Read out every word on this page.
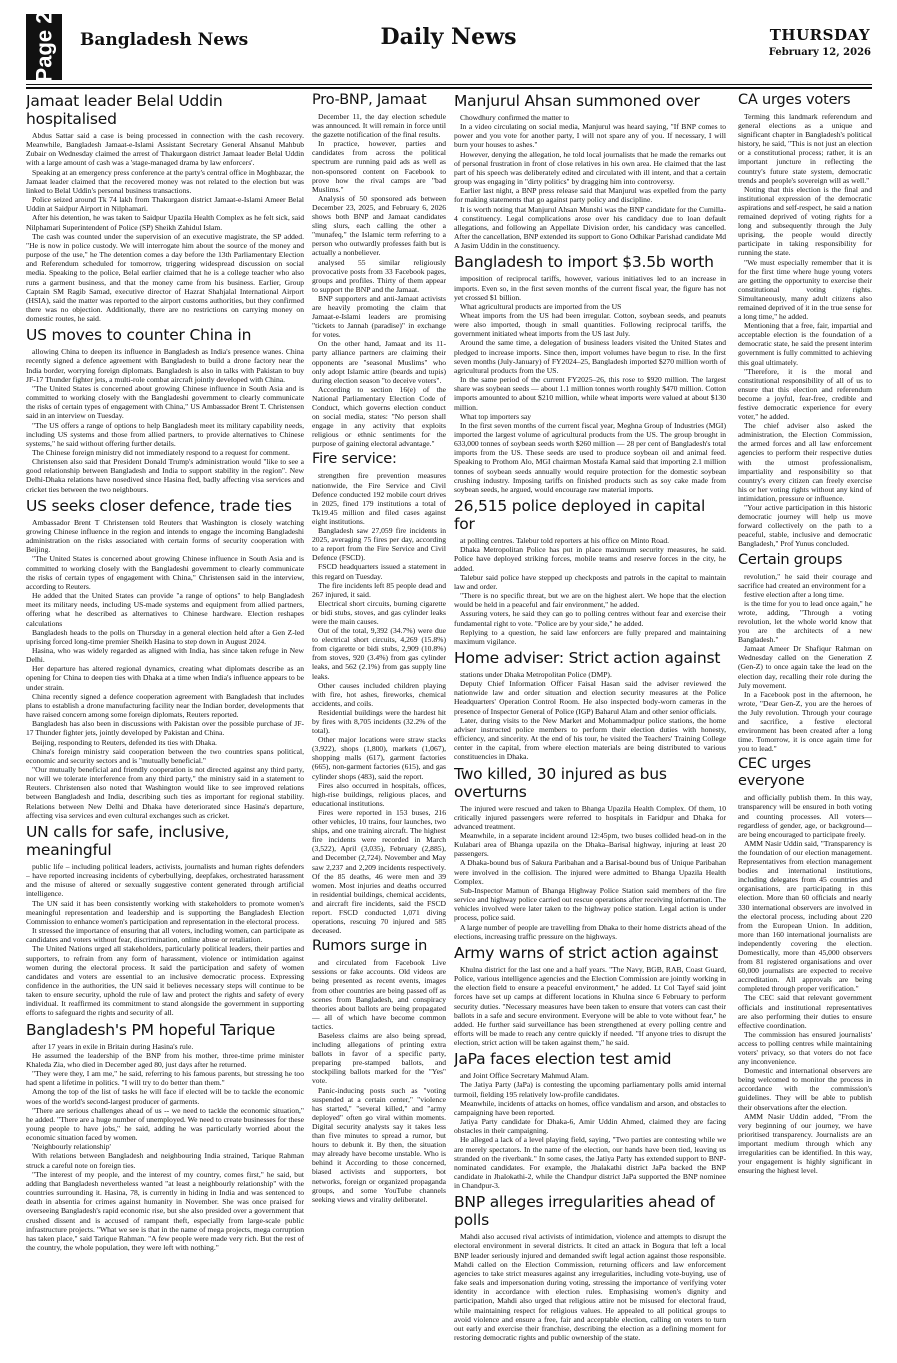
Page 2 Bangladesh News	Daily News	THURSDAY
February 12, 2026
Jamaat leader Belal Uddin hospitalised

Abdus Sattar said a case is being processed in connection with the cash recovery. Meanwhile, Bangladesh Jamaat-e-Islami Assistant Secretary General Ahsanul Mahbub Zubair on Wednesday claimed the arrest of Thakurgaon district Jamaat leader Belal Uddin with a large amount of cash was a 'stage-managed drama by law enforcers'.

Speaking at an emergency press conference at the party's central office in Moghbazar, the Jamaat leader claimed that the recovered money was not related to the election but was linked to Belal Uddin's personal business transactions.

Police seized around Tk 74 lakh from Thakurgaon district Jamaat-e-Islami Ameer Belal Uddin at Saidpur Airport in Nilphamari.

After his detention, he was taken to Saidpur Upazila Health Complex as he felt sick, said Nilphamari Superintendent of Police (SP) Sheikh Zahidul Islam.

The cash was counted under the supervision of an executive magistrate, the SP added. "He is now in police custody. We will interrogate him about the source of the money and purpose of the use," he The detention comes a day before the 13th Parliamentary Election and Referendum scheduled for tomorrow, triggering widespread discussion on social media. Speaking to the police, Belal earlier claimed that he is a college teacher who also runs a garment business, and that the money came from his business. Earlier, Group Captain SM Ragib Samad, executive director of Hazrat Shahjalal International Airport (HSIA), said the matter was reported to the airport customs authorities, but they confirmed there was no objection. Additionally, there are no restrictions on carrying money on domestic routes, he said.

US moves to counter China in

allowing China to deepen its influence in Bangladesh as India's presence wanes. China recently signed a defence agreement with Bangladesh to build a drone factory near the India border, worrying foreign diplomats. Bangladesh is also in talks with Pakistan to buy JF-17 Thunder fighter jets, a multi-role combat aircraft jointly developed with China.

"The United States is concerned about growing Chinese influence in South Asia and is committed to working closely with the Bangladeshi government to clearly communicate the risks of certain types of engagement with China," US Ambassador Brent T. Christensen said in an interview on Tuesday.

"The US offers a range of options to help Bangladesh meet its military capability needs, including US systems and those from allied partners, to provide alternatives to Chinese systems," he said without offering further details.

The Chinese foreign ministry did not immediately respond to a request for comment.

Christensen also said that President Donald Trump's administration would "like to see a good relationship between Bangladesh and India to support stability in the region". New Delhi-Dhaka relations have nosedived since Hasina fled, badly affecting visa services and cricket ties between the two neighbours.

US seeks closer defence, trade ties

Ambassador Brent T Christensen told Reuters that Washington is closely watching growing Chinese influence in the region and intends to engage the incoming Bangladeshi administration on the risks associated with certain forms of security cooperation with Beijing.

"The United States is concerned about growing Chinese influence in South Asia and is committed to working closely with the Bangladeshi government to clearly communicate the risks of certain types of engagement with China," Christensen said in the interview, according to Reuters.

He added that the United States can provide "a range of options" to help Bangladesh meet its military needs, including US-made systems and equipment from allied partners, offering what he described as alternatives to Chinese hardware. Election reshapes calculations

Bangladesh heads to the polls on Thursday in a general election held after a Gen Z-led uprising forced long-time premier Sheikh Hasina to step down in August 2024.

Hasina, who was widely regarded as aligned with India, has since taken refuge in New Delhi.

Her departure has altered regional dynamics, creating what diplomats describe as an opening for China to deepen ties with Dhaka at a time when India's influence appears to be under strain.

China recently signed a defence cooperation agreement with Bangladesh that includes plans to establish a drone manufacturing facility near the Indian border, developments that have raised concern among some foreign diplomats, Reuters reported.

Bangladesh has also been in discussions with Pakistan over the possible purchase of JF-17 Thunder fighter jets, jointly developed by Pakistan and China.

Beijing, responding to Reuters, defended its ties with Dhaka.

China's foreign ministry said cooperation between the two countries spans political, economic and security sectors and is "mutually beneficial."

"Our mutually beneficial and friendly cooperation is not directed against any third party, nor will we tolerate interference from any third party," the ministry said in a statement to Reuters. Christensen also noted that Washington would like to see improved relations between Bangladesh and India, describing such ties as important for regional stability. Relations between New Delhi and Dhaka have deteriorated since Hasina's departure, affecting visa services and even cultural exchanges such as cricket.

UN calls for safe, inclusive, meaningful

public life – including political leaders, activists, journalists and human rights defenders – have reported increasing incidents of cyberbullying, deepfakes, orchestrated harassment and the misuse of altered or sexually suggestive content generated through artificial intelligence.

The UN said it has been consistently working with stakeholders to promote women's meaningful representation and leadership and is supporting the Bangladesh Election Commission to enhance women's participation and representation in the electoral process.

It stressed the importance of ensuring that all voters, including women, can participate as candidates and voters without fear, discrimination, online abuse or retaliation.

The United Nations urged all stakeholders, particularly political leaders, their parties and supporters, to refrain from any form of harassment, violence or intimidation against women during the electoral process. It said the participation and safety of women candidates and voters are essential to an inclusive democratic process. Expressing confidence in the authorities, the UN said it believes necessary steps will continue to be taken to ensure security, uphold the rule of law and protect the rights and safety of every individual. It reaffirmed its commitment to stand alongside the government in supporting efforts to safeguard the rights and security of all.

Bangladesh's PM hopeful Tarique

after 17 years in exile in Britain during Hasina's rule.

He assumed the leadership of the BNP from his mother, three-time prime minister Khaleda Zia, who died in December aged 80, just days after he returned.

"They were they, I am me," he said, referring to his famous parents, but stressing he too had spent a lifetime in politics. "I will try to do better than them."

Among the top of the list of tasks he will face if elected will be to tackle the economic woes of the world's second-largest producer of garments.

"There are serious challenges ahead of us -- we need to tackle the economic situation," he added. "There are a huge number of unemployed. We need to create businesses for these young people to have jobs," he said, adding he was particularly worried about the economic situation faced by women.

'Neighbourly relationship'

With relations between Bangladesh and neighbouring India strained, Tarique Rahman struck a careful note on foreign ties.

"The interest of my people, and the interest of my country, comes first," he said, but adding that Bangladesh nevertheless wanted "at least a neighbourly relationship" with the countries surrounding it. Hasina, 78, is currently in hiding in India and was sentenced to death in absentia for crimes against humanity in November. She was once praised for overseeing Bangladesh's rapid economic rise, but she also presided over a government that crushed dissent and is accused of rampant theft, especially from large-scale public infrastructure projects. "What we see is that in the name of mega projects, mega corruption has taken place," said Tarique Rahman. "A few people were made very rich. But the rest of the country, the whole population, they were left with nothing."

Pro-BNP, Jamaat

December 11, the day election schedule was announced. It will remain in force until the gazette notification of the final results.

In practice, however, parties and candidates from across the political spectrum are running paid ads as well as non-sponsored content on Facebook to prove how the rival camps are "bad Muslims."

Analysis of 50 sponsored ads between December 23, 2025, and February 6, 2026 shows both BNP and Jamaat candidates sling slurs, each calling the other a "munafeq," the Islamic term referring to a person who outwardly professes faith but is actually a nonbeliever.

analysed 55 similar religiously provocative posts from 33 Facebook pages, groups and profiles. Thirty of them appear to support the BNP and the Jamaat.

BNP supporters and anti-Jamaat activists are heavily promoting the claim that Jamaat-e-Islami leaders are promising "tickets to Jannah (paradise)" in exchange for votes.

On the other hand, Jamaat and its 11-party alliance partners are claiming their opponents are "seasonal Muslims" who only adopt Islamic attire (beards and tupis) during election season "to deceive voters".

According to section 16(e) of the National Parliamentary Election Code of Conduct, which governs election conduct on social media, states: "No person shall engage in any activity that exploits religious or ethnic sentiments for the purpose of gaining electoral advantage."

Fire service:

strengthen fire prevention measures nationwide, the Fire Service and Civil Defence conducted 192 mobile court drives in 2025, fined 179 institutions a total of Tk19.45 million and filed cases against eight institutions.

Bangladesh saw 27,059 fire incidents in 2025, averaging 75 fires per day, according to a report from the Fire Service and Civil Defence (FSCD).

FSCD headquarters issued a statement in this regard on Tuesday.

The fire incidents left 85 people dead and 267 injured, it said.

Electrical short circuits, burning cigarette or bidi stubs, stoves, and gas cylinder leaks were the main causes.

Out of the total, 9,392 (34.7%) were due to electrical short circuits, 4,269 (15.8%) from cigarette or bidi stubs, 2,909 (10.8%) from stoves, 920 (3.4%) from gas cylinder leaks, and 562 (2.1%) from gas supply line leaks.

Other causes included children playing with fire, hot ashes, fireworks, chemical accidents, and coils.

Residential buildings were the hardest hit by fires with 8,705 incidents (32.2% of the total).

Other major locations were straw stacks (3,922), shops (1,800), markets (1,067), shopping malls (617), garment factories (665), non-garment factories (615), and gas cylinder shops (483), said the report.

Fires also occurred in hospitals, offices, high-rise buildings, religious places, and educational institutions.

Fires were reported in 153 buses, 216 other vehicles, 10 trains, four launches, two ships, and one training aircraft. The highest fire incidents were recorded in March (3,522), April (3,035), February (2,885), and December (2,724). November and May saw 2,237 and 2,209 incidents respectively. Of the 85 deaths, 46 were men and 39 women. Most injuries and deaths occurred in residential buildings, chemical accidents, and aircraft fire incidents, said the FSCD report. FSCD conducted 1,071 diving operations, rescuing 70 injured and 585 deceased.

Rumors surge in

and circulated from Facebook Live sessions or fake accounts. Old videos are being presented as recent events, images from other countries are being passed off as scenes from Bangladesh, and conspiracy theories about ballots are being propagated — all of which have become common tactics.

Baseless claims are also being spread, including allegations of printing extra ballots in favor of a specific party, preparing pre-stamped ballots, and stockpiling ballots marked for the "Yes" vote.

Panic-inducing posts such as "voting suspended at a certain center," "violence has started," "several killed," and "army deployed" often go viral within moments. Digital security analysts say it takes less than five minutes to spread a rumor, but hours to debunk it. By then, the situation may already have become unstable. Who is behind it According to those concerned, biased activists and supporters, bot networks, foreign or organized propaganda groups, and some YouTube channels seeking views and virality deliberatel.

Manjurul Ahsan summoned over

Chowdhury confirmed the matter to

In a video circulating on social media, Manjurul was heard saying, "If BNP comes to power and you vote for another party, I will not spare any of you. If necessary, I will burn your houses to ashes."

However, denying the allegation, he told local journalists that he made the remarks out of personal frustration in front of close relatives in his own area. He claimed that the last part of his speech was deliberately edited and circulated with ill intent, and that a certain group was engaging in "dirty politics" by dragging him into controversy.

Earlier last night, a BNP press release said that Manjurul was expelled from the party for making statements that go against party policy and discipline.

It is worth noting that Manjurul Ahsan Munshi was the BNP candidate for the Cumilla-4 constituency. Legal complications arose over his candidacy due to loan default allegations, and following an Appellate Division order, his candidacy was cancelled. After the cancellation, BNP extended its support to Gono Odhikar Parishad candidate Md A Jasim Uddin in the constituency.

Bangladesh to import $3.5b worth

imposition of reciprocal tariffs, however, various initiatives led to an increase in imports. Even so, in the first seven months of the current fiscal year, the figure has not yet crossed $1 billion.

What agricultural products are imported from the US

Wheat imports from the US had been irregular. Cotton, soybean seeds, and peanuts were also imported, though in small quantities. Following reciprocal tariffs, the government initiated wheat imports from the US last July.

Around the same time, a delegation of business leaders visited the United States and pledged to increase imports. Since then, import volumes have begun to rise. In the first seven months (July-January) of FY2024–25, Bangladesh imported $270 million worth of agricultural products from the US.

In the same period of the current FY2025–26, this rose to $920 million. The largest share was soybean seeds — about 1.1 million tonnes worth roughly $470 million. Cotton imports amounted to about $210 million, while wheat imports were valued at about $130 million.

What top importers say

In the first seven months of the current fiscal year, Meghna Group of Industries (MGI) imported the largest volume of agricultural products from the US. The group brought in 633,000 tonnes of soybean seeds worth $260 million — 28 per cent of Bangladesh's total imports from the US. These seeds are used to produce soybean oil and animal feed. Speaking to Prothom Alo, MGI chairman Mostafa Kamal said that importing 2.1 million tonnes of soybean seeds annually would require protection for the domestic soybean crushing industry. Imposing tariffs on finished products such as soy cake made from soybean seeds, he argued, would encourage raw material imports.

26,515 police deployed in capital for

at polling centres. Talebur told reporters at his office on Minto Road.

Dhaka Metropolitan Police has put in place maximum security measures, he said. Police have deployed striking forces, mobile teams and reserve forces in the city, he added.

Talebur said police have stepped up checkposts and patrols in the capital to maintain law and order.

"There is no specific threat, but we are on the highest alert. We hope that the election would be held in a peaceful and fair environment," he added.

Assuring voters, he said they can go to polling centres without fear and exercise their fundamental right to vote. "Police are by your side," he added.

Replying to a question, he said law enforcers are fully prepared and maintaining maximum vigilance.

Home adviser: Strict action against

stations under Dhaka Metropolitan Police (DMP).

Deputy Chief Information Officer Faisal Hasan said the adviser reviewed the nationwide law and order situation and election security measures at the Police Headquarters' Operation Control Room. He also inspected body-worn cameras in the presence of Inspector General of Police (IGP) Baharul Alam and other senior officials.

Later, during visits to the New Market and Mohammadpur police stations, the home adviser instructed police members to perform their election duties with honesty, efficiency, and sincerity. At the end of his tour, he visited the Teachers' Training College center in the capital, from where election materials are being distributed to various constituencies in Dhaka.

Two killed, 30 injured as bus overturns

The injured were rescued and taken to Bhanga Upazila Health Complex. Of them, 10 critically injured passengers were referred to hospitals in Faridpur and Dhaka for advanced treatment.

Meanwhile, in a separate incident around 12:45pm, two buses collided head-on in the Kulabari area of Bhanga upazila on the Dhaka–Barisal highway, injuring at least 20 passengers.

A Dhaka-bound bus of Sakura Paribahan and a Barisal-bound bus of Unique Paribahan were involved in the collision. The injured were admitted to Bhanga Upazila Health Complex.

Sub-Inspector Mamun of Bhanga Highway Police Station said members of the fire service and highway police carried out rescue operations after receiving information. The vehicles involved were later taken to the highway police station. Legal action is under process, police said.

A large number of people are travelling from Dhaka to their home districts ahead of the elections, increasing traffic pressure on the highways.

Army warns of strict action against

Khulna district for the last one and a half years. "The Navy, BGB, RAB, Coast Guard, Police, various intelligence agencies and the Election Commission are jointly working in the election field to ensure a peaceful environment," he added. Lt Col Tayef said joint forces have set up camps at different locations in Khulna since 6 February to perform security duties. "Necessary measures have been taken to ensure that voters can cast their ballots in a safe and secure environment. Everyone will be able to vote without fear," he added. He further said surveillance has been strengthened at every polling centre and efforts will be made to reach any centre quickly if needed. "If anyone tries to disrupt the election, strict action will be taken against them," he said.

JaPa faces election test amid

and Joint Office Secretary Mahmud Alam.

The Jatiya Party (JaPa) is contesting the upcoming parliamentary polls amid internal turmoil, fielding 195 relatively low-profile candidates.

Meanwhile, incidents of attacks on homes, office vandalism and arson, and obstacles to campaigning have been reported.

Jatiya Party candidate for Dhaka-6, Amir Uddin Ahmed, claimed they are facing obstacles in their campaigning.

He alleged a lack of a level playing field, saying, "Two parties are contesting while we are merely spectators. In the name of the election, our hands have been tied, leaving us stranded on the riverbank." In some cases, the Jatiya Party has extended support to BNP-nominated candidates. For example, the Jhalakathi district JaPa backed the BNP candidate in Jhalokathi-2, while the Chandpur district JaPa supported the BNP nominee in Chandpur-3.

BNP alleges irregularities ahead of polls

Mahdi also accused rival activists of intimidation, violence and attempts to disrupt the electoral environment in several districts. It cited an attack in Bogura that left a local BNP leader seriously injured and demanded swift legal action against those responsible. Mahdi called on the Election Commission, returning officers and law enforcement agencies to take strict measures against any irregularities, including vote-buying, use of fake seals and impersonation during voting, stressing the importance of verifying voter identity in accordance with election rules. Emphasising women's dignity and participation, Mahdi also urged that religious attire not be misused for electoral fraud, while maintaining respect for religious values. He appealed to all political groups to avoid violence and ensure a free, fair and acceptable election, calling on voters to turn out early and exercise their franchise, describing the election as a defining moment for restoring democratic rights and public ownership of the state.

CA urges voters

Terming this landmark referendum and general elections as a unique and significant chapter in Bangladesh's political history, he said, "This is not just an election or a constitutional process; rather, it is an important juncture in reflecting the country's future state system, democratic trends and people's sovereign will as well."

Noting that this election is the final and institutional expression of the democratic aspirations and self-respect, he said a nation remained deprived of voting rights for a long and subsequently through the July uprising, the people would directly participate in taking responsibility for running the state.

"We must especially remember that it is for the first time where huge young voters are getting the opportunity to exercise their constitutional voting rights. Simultaneously, many adult citizens also remained deprived of it in the true sense for a long time," he added.

Mentioning that a free, fair, impartial and acceptable election is the foundation of a democratic state, he said the present interim government is fully committed to achieving this goal ultimately.

"Therefore, it is the moral and constitutional responsibility of all of us to ensure that this election and referendum become a joyful, fear-free, credible and festive democratic experience for every voter," he added.

The chief adviser also asked the administration, the Election Commission, the armed forces and all law enforcement agencies to perform their respective duties with the utmost professionalism, impartiality and responsibility so that country's every citizen can freely exercise his or her voting rights without any kind of intimidation, pressure or influence.

"Your active participation in this historic democratic journey will help us move forward collectively on the path to a peaceful, stable, inclusive and democratic Bangladesh," Prof Yunus concluded.

Certain groups

revolution," he said their courage and sacrifice had created an environment for a

festive election after a long time.

is the time for you to lead once again," he wrote, adding, "Through a voting revolution, let the whole world know that you are the architects of a new Bangladesh."

Jamaat Ameer Dr Shafiqur Rahman on Wednesday called on the Generation Z (Gen-Z) to once again take the lead on the election day, recalling their role during the July movement.

In a Facebook post in the afternoon, he wrote, "Dear Gen-Z, you are the heroes of the July revolution. Through your courage and sacrifice, a festive electoral environment has been created after a long time. Tomorrow, it is once again time for you to lead."

CEC urges everyone

and officially publish them. In this way, transparency will be ensured in both voting and counting processes. All voters—regardless of gender, age, or background—are being encouraged to participate freely.

AMM Nasir Uddin said, "Transparency is the foundation of our election management. Representatives from election management bodies and international institutions, including delegates from 45 countries and organisations, are participating in this election. More than 60 officials and nearly 330 international observers are involved in the electoral process, including about 220 from the European Union. In addition, more than 160 international journalists are independently covering the election. Domestically, more than 45,000 observers from 81 registered organisations and over 60,000 journalists are expected to receive accreditation. All approvals are being completed through proper verification."

The CEC said that relevant government officials and institutional representatives are also performing their duties to ensure effective coordination.

The commission has ensured journalists' access to polling centres while maintaining voters' privacy, so that voters do not face any inconvenience.

Domestic and international observers are being welcomed to monitor the process in accordance with the commission's guidelines. They will be able to publish their observations after the election.

AMM Nasir Uddin added, "From the very beginning of our journey, we have prioritised transparency. Journalists are an important medium through which any irregularities can be identified. In this way, your engagement is highly significant in ensuring the highest level.
